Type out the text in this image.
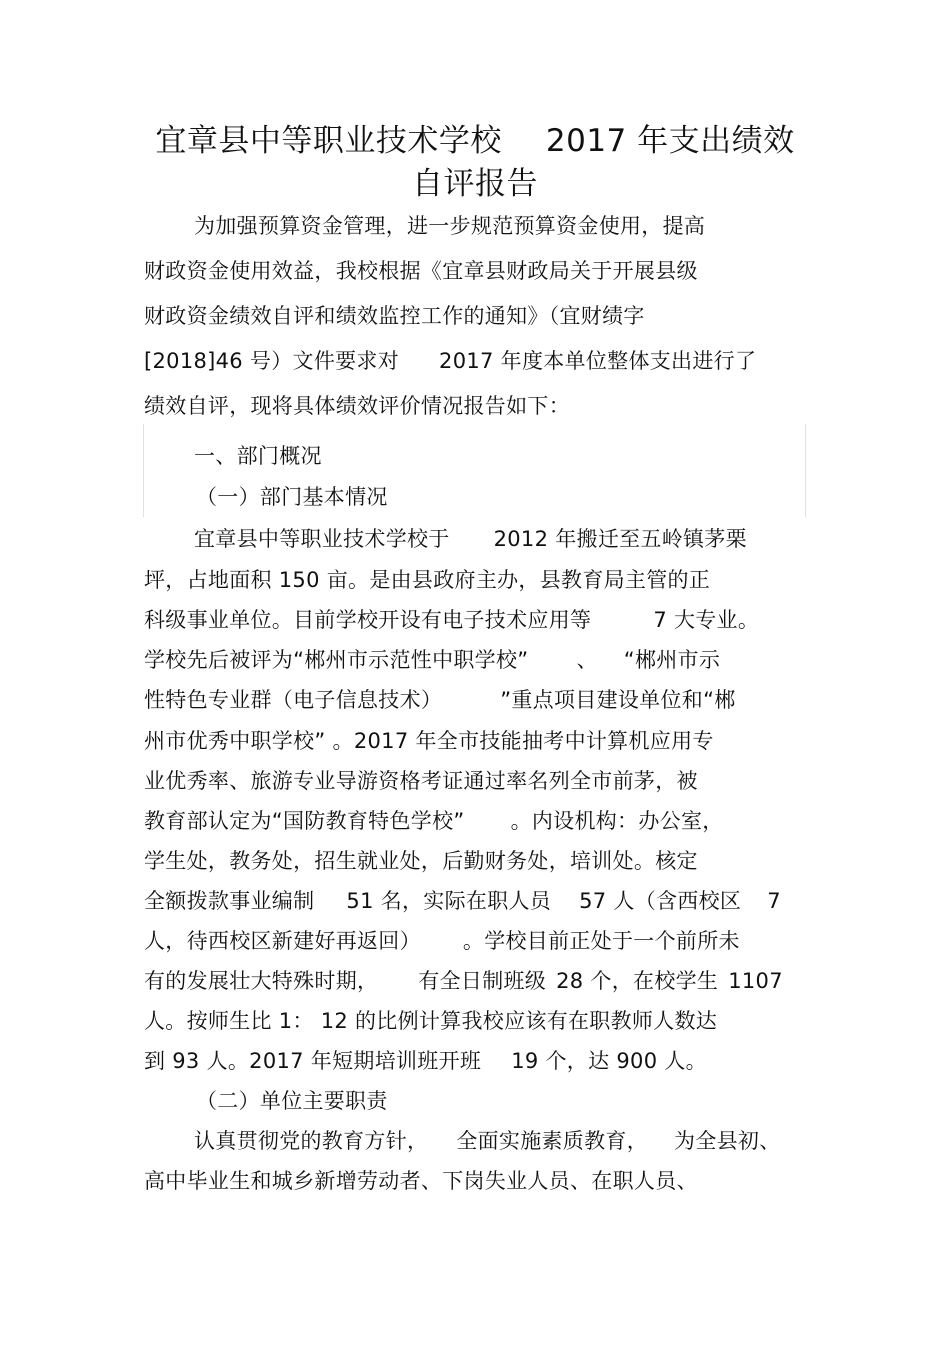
宜章县中等职业技术学校 2017 年支出绩效
自评报告
为加强预算资金管理，进一步规范预算资金使用，提高
财政资金使用效益，我校根据《宜章县财政局关于开展县级
财政资金绩效自评和绩效监控工作的通知》（宜财绩字
[2018]46 号）文件要求对 2017 年度本单位整体支出进行了
绩效自评，现将具体绩效评价情况报告如下：
一、部门概况
（一）部门基本情况
宜章县中等职业技术学校于 2012 年搬迁至五岭镇茅栗
坪，占地面积 150 亩。是由县政府主办，县教育局主管的正
科级事业单位。目前学校开设有电子技术应用等	7 大专业。
学校先后被评为“郴州市示范性中职学校” 、 “郴州市示
性特色专业群（电子信息技术）	”重点项目建设单位和“郴
州市优秀中职学校” 。2017 年全市技能抽考中计算机应用专
业优秀率、旅游专业导游资格考证通过率名列全市前茅，被
教育部认定为“国防教育特色学校” 。内设机构：办公室，
学生处，教务处，招生就业处，后勤财务处，培训处。核定
全额拨款事业编制 51 名，实际在职人员 57 人（含西校区 7
人，待西校区新建好再返回） 。学校目前正处于一个前所未
有的发展壮大特殊时期， 有全日制班级 28 个，在校学生 1107
人。按师生比 1： 12 的比例计算我校应该有在职教师人数达
到 93 人。2017 年短期培训班开班 19 个，达 900 人。
（二）单位主要职责
认真贯彻党的教育方针， 全面实施素质教育， 为全县初、
高中毕业生和城乡新增劳动者、下岗失业人员、在职人员、
